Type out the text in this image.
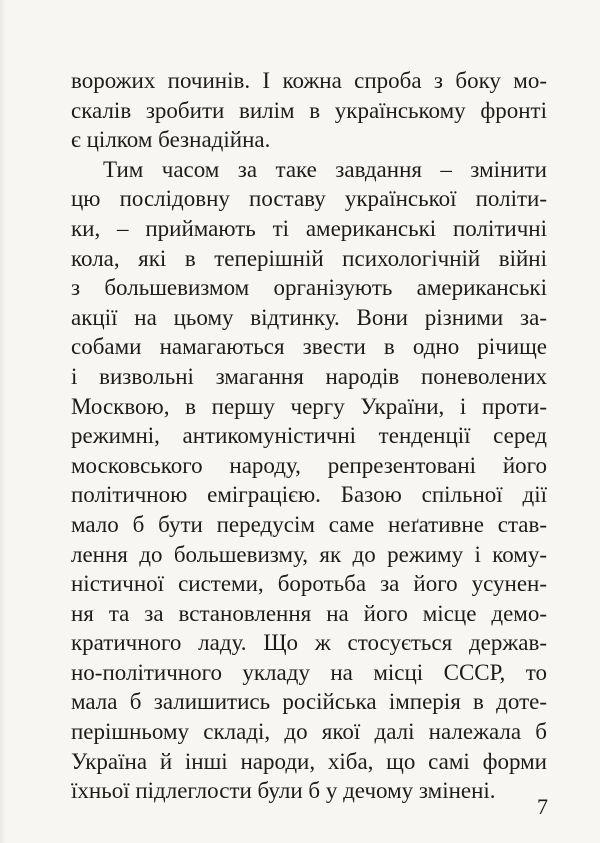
ворожих починів. І кожна спроба з боку мо-
скалів зробити вилім в українському фронті
є цілком безнадійна.
Тим часом за таке завдання – змінити
цю послідовну поставу української політи-
ки, – приймають ті американські політичні
кола, які в теперішній психологічній війні
з большевизмом організують американські
акції на цьому відтинку. Вони різними за-
собами намагаються звести в одно річище
і визвольні змагання народів поневолених
Москвою, в першу чергу України, і проти-
режимні, антикомуністичні тенденції серед
московського народу, репрезентовані його
політичною еміграцією. Базою спільної дії
мало б бути передусім саме неґативне став-
лення до большевизму, як до режиму і кому-
ністичної системи, боротьба за його усунен-
ня та за встановлення на його місце демо-
кратичного ладу. Що ж стосується держав-
но-політичного укладу на місці СССР, то
мала б залишитись російська імперія в доте-
перішньому складі, до якої далі належала б
Україна й інші народи, хіба, що самі форми
їхньої підлеглости були б у дечому змінені.
7
